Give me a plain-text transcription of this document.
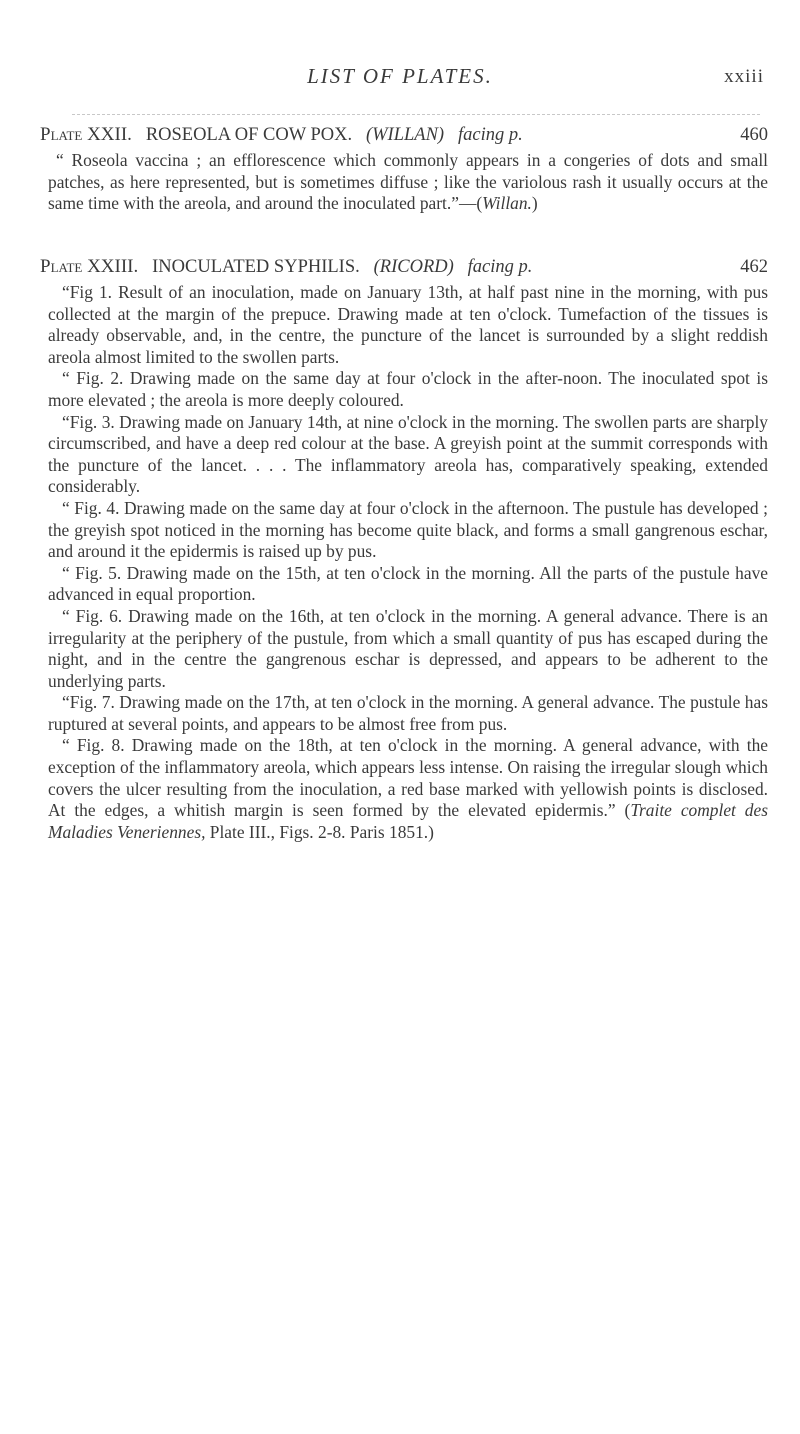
LIST OF PLATES.	xxiii
Plate XXII. ROSEOLA OF COW POX. (WILLAN) facing p.	460

“ Roseola vaccina ; an efflorescence which commonly appears in a congeries of dots and small patches, as here represented, but is sometimes diffuse ; like the variolous rash it usually occurs at the same time with the areola, and around the inoculated part.”—(Willan.)

Plate XXIII. INOCULATED SYPHILIS. (RICORD) facing p.	462

“Fig 1. Result of an inoculation, made on January 13th, at half past nine in the morning, with pus collected at the margin of the prepuce. Drawing made at ten o'clock. Tumefaction of the tissues is already observable, and, in the centre, the puncture of the lancet is surrounded by a slight reddish areola almost limited to the swollen parts.

“ Fig. 2. Drawing made on the same day at four o'clock in the after-noon. The inoculated spot is more elevated ; the areola is more deeply coloured.

“Fig. 3. Drawing made on January 14th, at nine o'clock in the morning. The swollen parts are sharply circumscribed, and have a deep red colour at the base. A greyish point at the summit corresponds with the puncture of the lancet. . . . The inflammatory areola has, comparatively speaking, extended considerably.

“ Fig. 4. Drawing made on the same day at four o'clock in the afternoon. The pustule has developed ; the greyish spot noticed in the morning has become quite black, and forms a small gangrenous eschar, and around it the epidermis is raised up by pus.

“ Fig. 5. Drawing made on the 15th, at ten o'clock in the morning. All the parts of the pustule have advanced in equal proportion.

“ Fig. 6. Drawing made on the 16th, at ten o'clock in the morning. A general advance. There is an irregularity at the periphery of the pustule, from which a small quantity of pus has escaped during the night, and in the centre the gangrenous eschar is depressed, and appears to be adherent to the underlying parts.

“Fig. 7. Drawing made on the 17th, at ten o'clock in the morning. A general advance. The pustule has ruptured at several points, and appears to be almost free from pus.

“ Fig. 8. Drawing made on the 18th, at ten o'clock in the morning. A general advance, with the exception of the inflammatory areola, which appears less intense. On raising the irregular slough which covers the ulcer resulting from the inoculation, a red base marked with yellowish points is disclosed. At the edges, a whitish margin is seen formed by the elevated epidermis.” (Traite complet des Maladies Veneriennes, Plate III., Figs. 2-8. Paris 1851.)
